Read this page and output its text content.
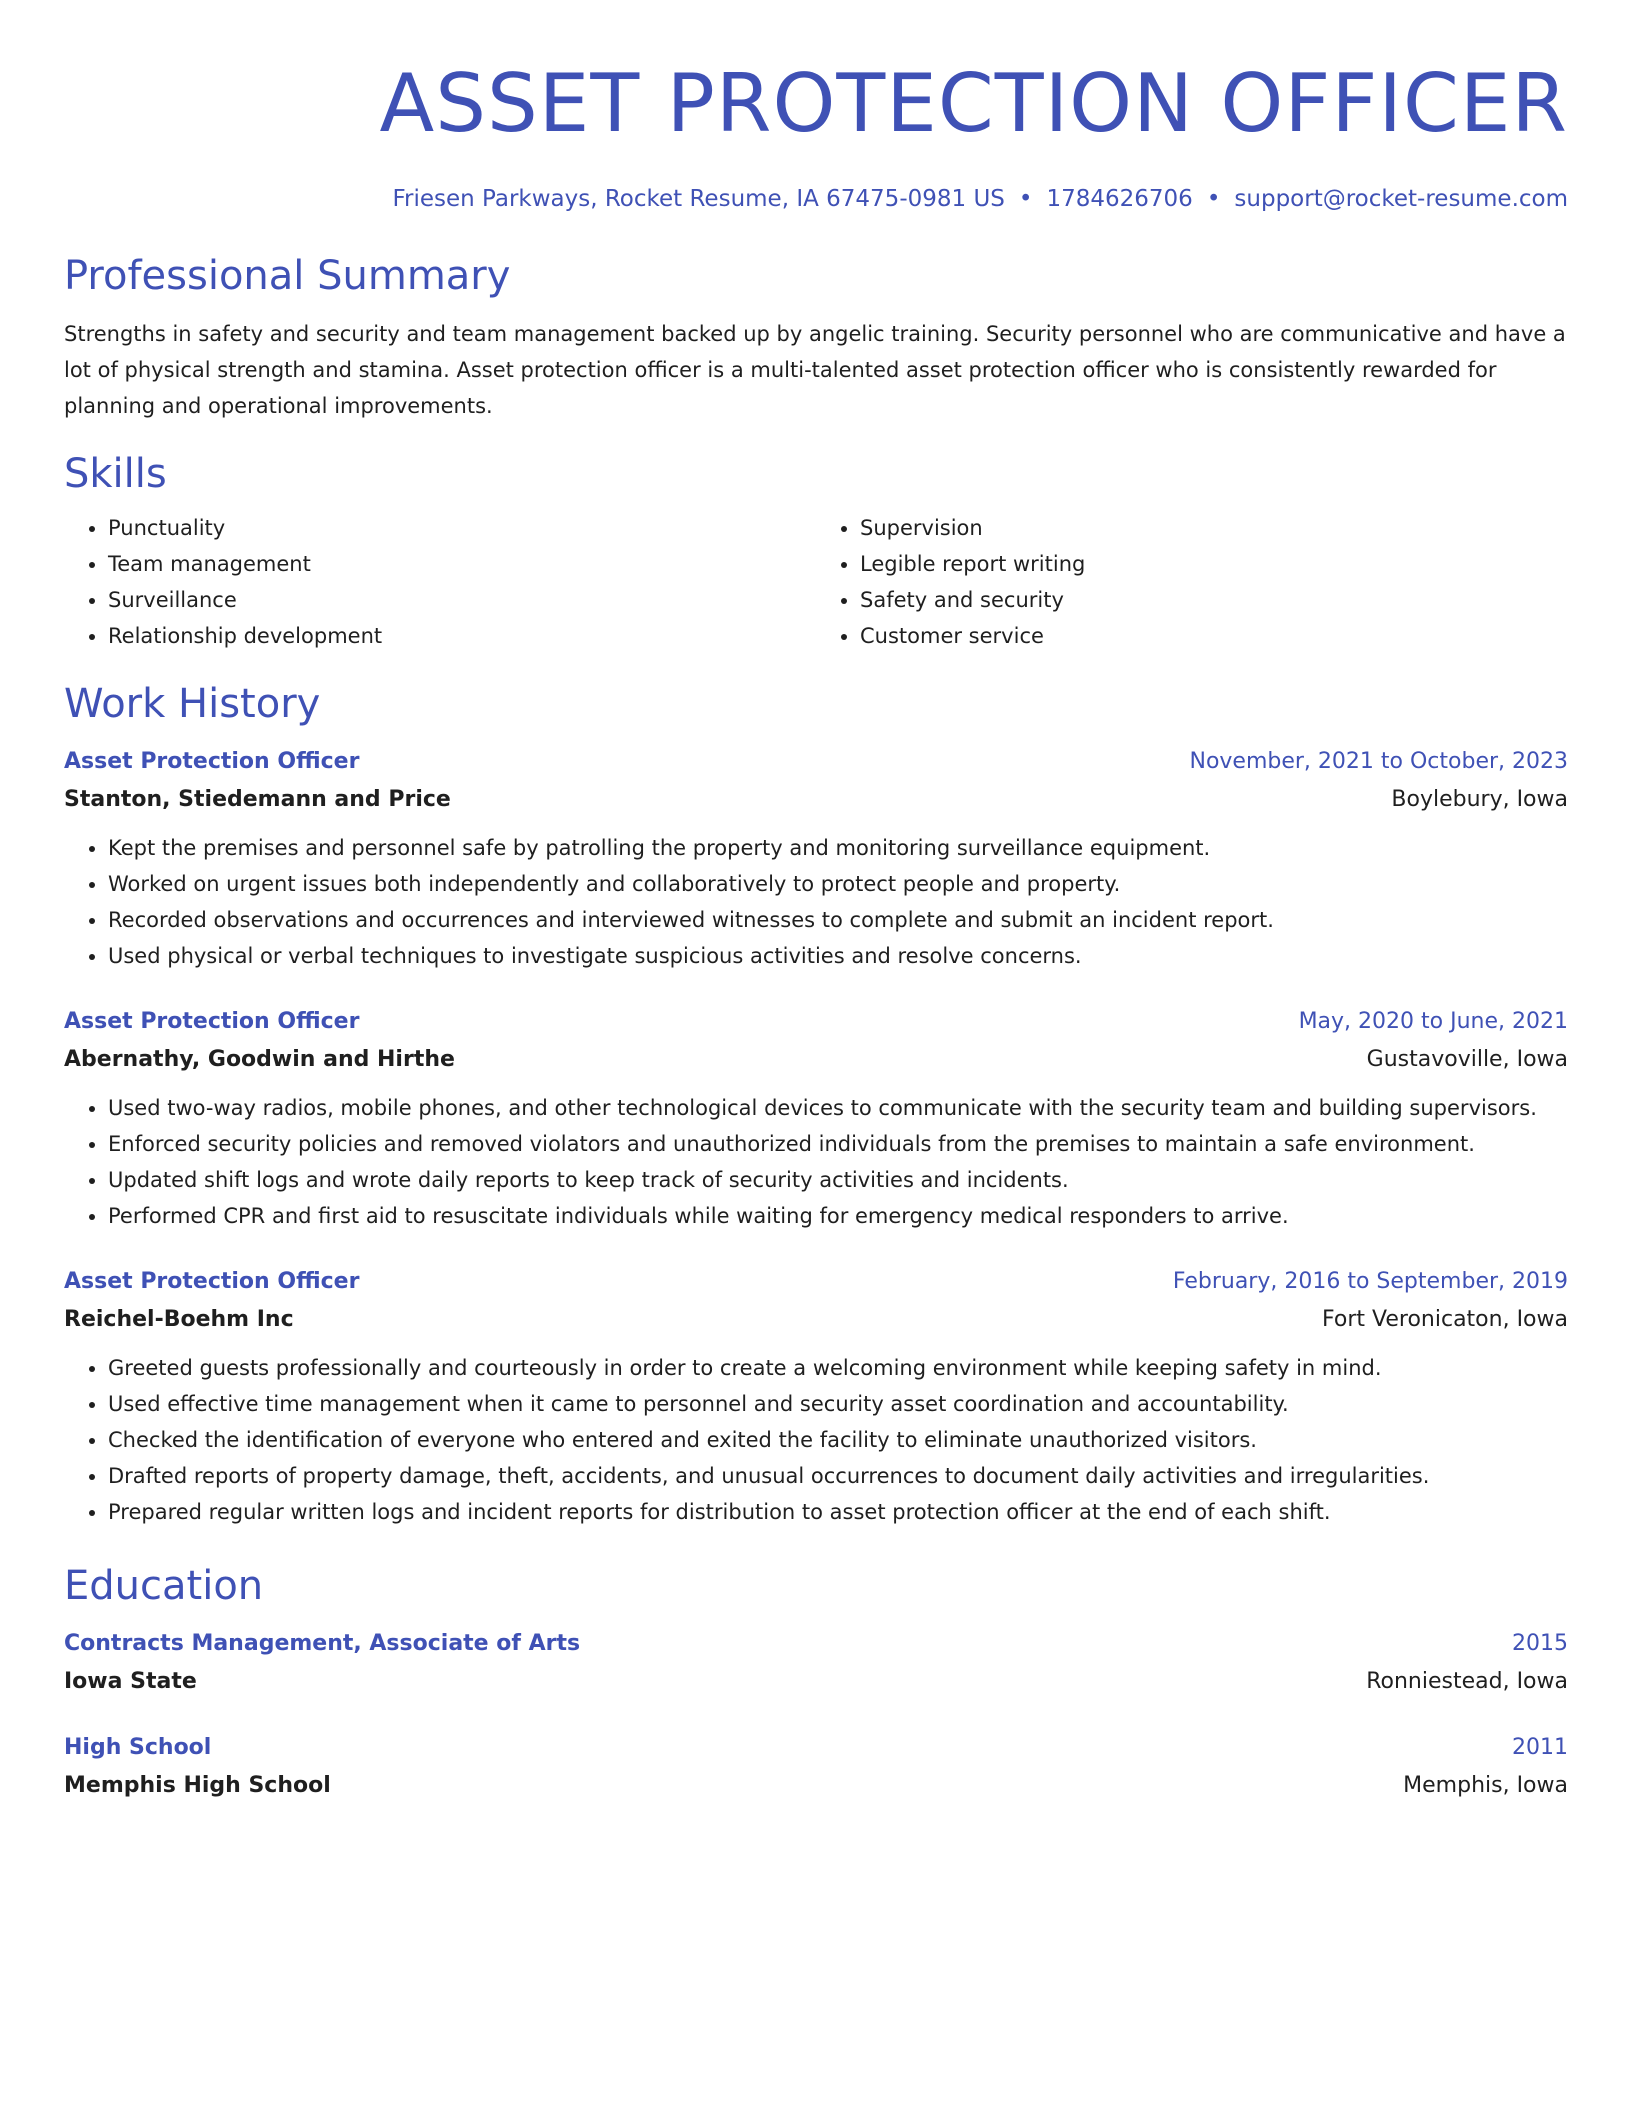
ASSET PROTECTION OFFICER
Friesen Parkways, Rocket Resume, IA 67475-0981 US • 1784626706 • support@rocket-resume.com
Professional Summary
Strengths in safety and security and team management backed up by angelic training. Security personnel who are communicative and have a lot of physical strength and stamina. Asset protection officer is a multi-talented asset protection officer who is consistently rewarded for planning and operational improvements.
Skills
• Punctuality
• Team management
• Surveillance
• Relationship development
• Supervision
• Legible report writing
• Safety and security
• Customer service
Work History
Asset Protection Officer	November, 2021 to October, 2023
Stanton, Stiedemann and Price	Boylebury, Iowa
• Kept the premises and personnel safe by patrolling the property and monitoring surveillance equipment.
• Worked on urgent issues both independently and collaboratively to protect people and property.
• Recorded observations and occurrences and interviewed witnesses to complete and submit an incident report.
• Used physical or verbal techniques to investigate suspicious activities and resolve concerns.
Asset Protection Officer	May, 2020 to June, 2021
Abernathy, Goodwin and Hirthe	Gustavoville, Iowa
• Used two-way radios, mobile phones, and other technological devices to communicate with the security team and building supervisors.
• Enforced security policies and removed violators and unauthorized individuals from the premises to maintain a safe environment.
• Updated shift logs and wrote daily reports to keep track of security activities and incidents.
• Performed CPR and first aid to resuscitate individuals while waiting for emergency medical responders to arrive.
Asset Protection Officer	February, 2016 to September, 2019
Reichel-Boehm Inc	Fort Veronicaton, Iowa
• Greeted guests professionally and courteously in order to create a welcoming environment while keeping safety in mind.
• Used effective time management when it came to personnel and security asset coordination and accountability.
• Checked the identification of everyone who entered and exited the facility to eliminate unauthorized visitors.
• Drafted reports of property damage, theft, accidents, and unusual occurrences to document daily activities and irregularities.
• Prepared regular written logs and incident reports for distribution to asset protection officer at the end of each shift.
Education
Contracts Management, Associate of Arts	2015
Iowa State	Ronniestead, Iowa
High School	2011
Memphis High School	Memphis, Iowa
